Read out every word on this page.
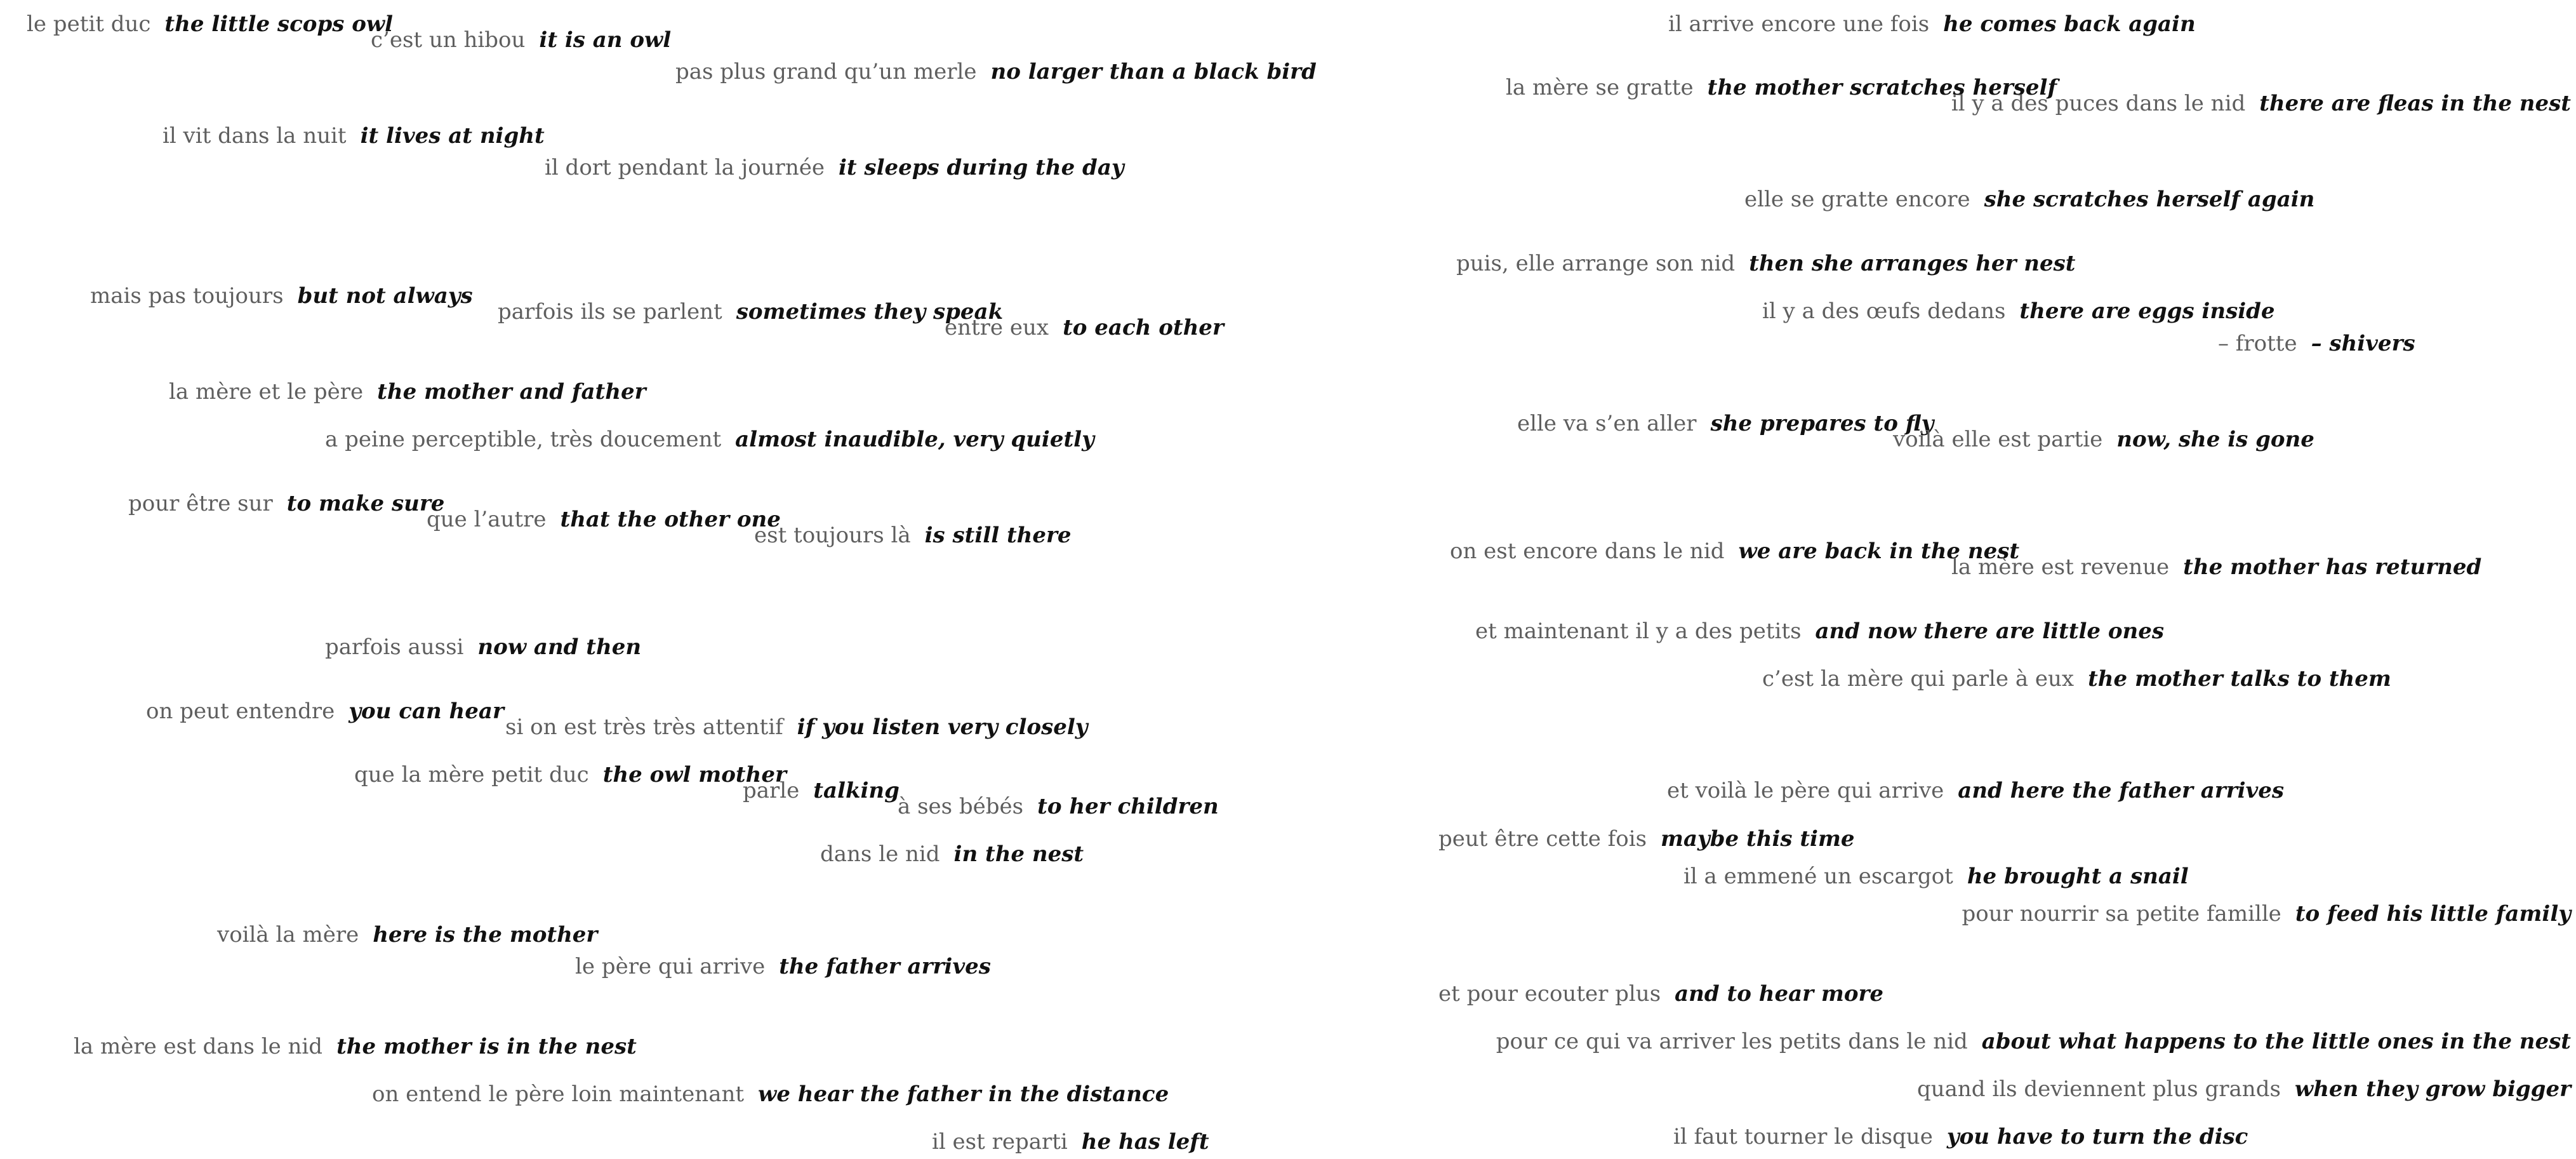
le petit duc the little scops owl
c’est un hibou it is an owl
pas plus grand qu’un merle no larger than a black bird
il vit dans la nuit it lives at night
il dort pendant la journée it sleeps during the day
mais pas toujours but not always
parfois ils se parlent sometimes they speak
entre eux to each other
la mère et le père the mother and father
a peine perceptible, très doucement almost inaudible, very quietly
pour être sur to make sure
que l’autre that the other one
est toujours là is still there
parfois aussi now and then
on peut entendre you can hear
si on est très très attentif if you listen very closely
que la mère petit duc the owl mother
parle talking
à ses bébés to her children
dans le nid in the nest
voilà la mère here is the mother
le père qui arrive the father arrives
la mère est dans le nid the mother is in the nest
on entend le père loin maintenant we hear the father in the distance
il est reparti he has left
il arrive encore une fois he comes back again
la mère se gratte the mother scratches herself
il y a des puces dans le nid there are fleas in the nest
elle se gratte encore she scratches herself again
puis, elle arrange son nid then she arranges her nest
il y a des œufs dedans there are eggs inside
– frotte – shivers
elle va s’en aller she prepares to fly
voilà elle est partie now, she is gone
on est encore dans le nid we are back in the nest
la mère est revenue the mother has returned
et maintenant il y a des petits and now there are little ones
c’est la mère qui parle à eux the mother talks to them
et voilà le père qui arrive and here the father arrives
peut être cette fois maybe this time
il a emmené un escargot he brought a snail
pour nourrir sa petite famille to feed his little family
et pour ecouter plus and to hear more
pour ce qui va arriver les petits dans le nid about what happens to the little ones in the nest
quand ils deviennent plus grands when they grow bigger
il faut tourner le disque you have to turn the disc
